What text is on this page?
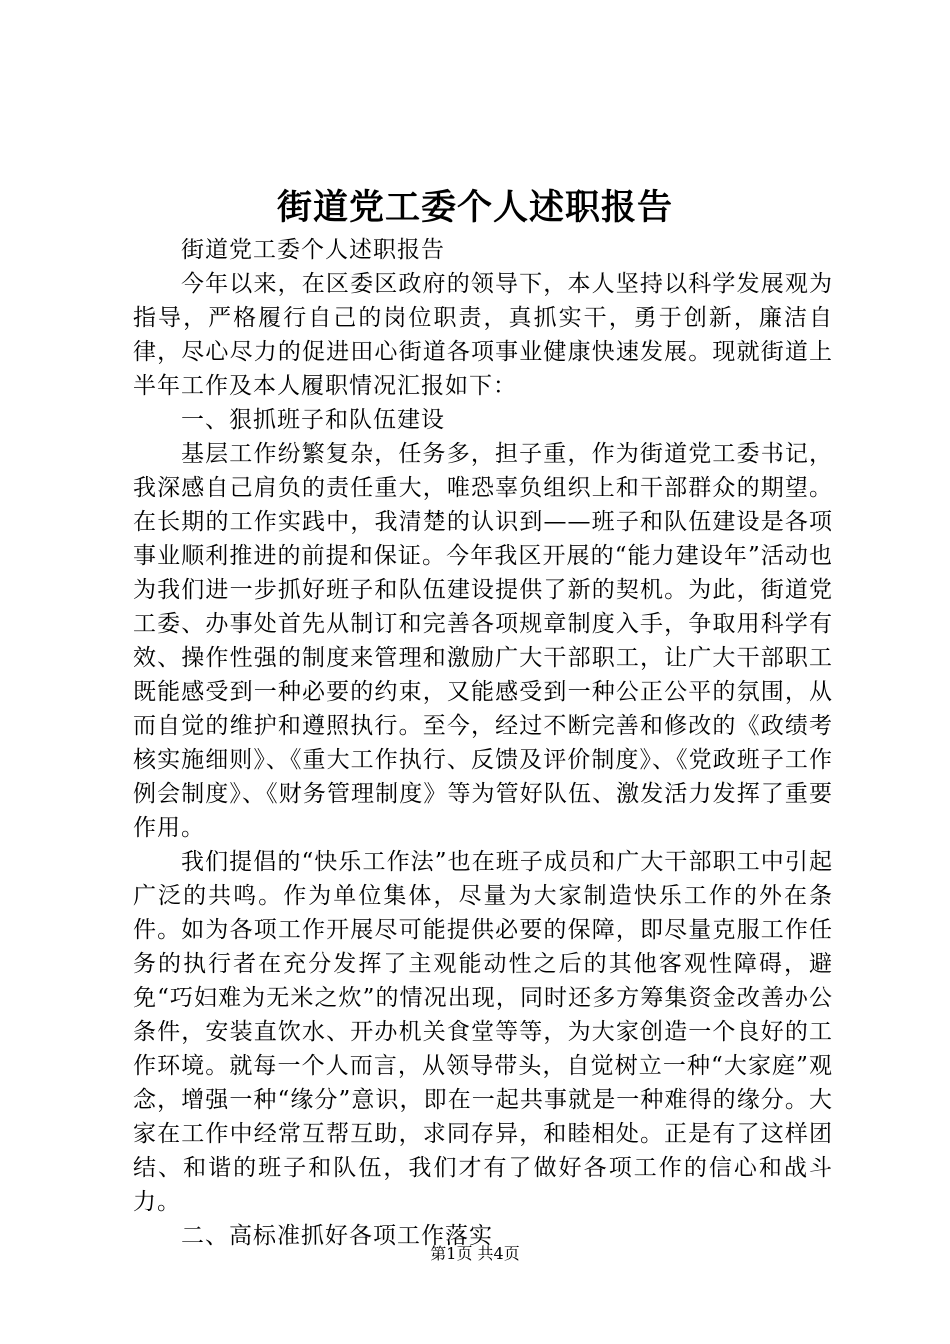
街道党工委个人述职报告

街道党工委个人述职报告

今年以来，在区委区政府的领导下，本人坚持以科学发展观为指导，严格履行自己的岗位职责，真抓实干，勇于创新，廉洁自律，尽心尽力的促进田心街道各项事业健康快速发展。现就街道上半年工作及本人履职情况汇报如下：

一、狠抓班子和队伍建设

基层工作纷繁复杂，任务多，担子重，作为街道党工委书记，我深感自己肩负的责任重大，唯恐辜负组织上和干部群众的期望。在长期的工作实践中，我清楚的认识到——班子和队伍建设是各项事业顺利推进的前提和保证。今年我区开展的“能力建设年”活动也为我们进一步抓好班子和队伍建设提供了新的契机。为此，街道党工委、办事处首先从制订和完善各项规章制度入手，争取用科学有效、操作性强的制度来管理和激励广大干部职工，让广大干部职工既能感受到一种必要的约束，又能感受到一种公正公平的氛围，从而自觉的维护和遵照执行。至今，经过不断完善和修改的《政绩考核实施细则》、《重大工作执行、反馈及评价制度》、《党政班子工作例会制度》、《财务管理制度》等为管好队伍、激发活力发挥了重要作用。

我们提倡的“快乐工作法”也在班子成员和广大干部职工中引起广泛的共鸣。作为单位集体，尽量为大家制造快乐工作的外在条件。如为各项工作开展尽可能提供必要的保障，即尽量克服工作任务的执行者在充分发挥了主观能动性之后的其他客观性障碍，避免“巧妇难为无米之炊”的情况出现，同时还多方筹集资金改善办公条件，安装直饮水、开办机关食堂等等，为大家创造一个良好的工作环境。就每一个人而言，从领导带头，自觉树立一种“大家庭”观念，增强一种“缘分”意识，即在一起共事就是一种难得的缘分。大家在工作中经常互帮互助，求同存异，和睦相处。正是有了这样团结、和谐的班子和队伍，我们才有了做好各项工作的信心和战斗力。

二、高标准抓好各项工作落实

第1页 共4页
